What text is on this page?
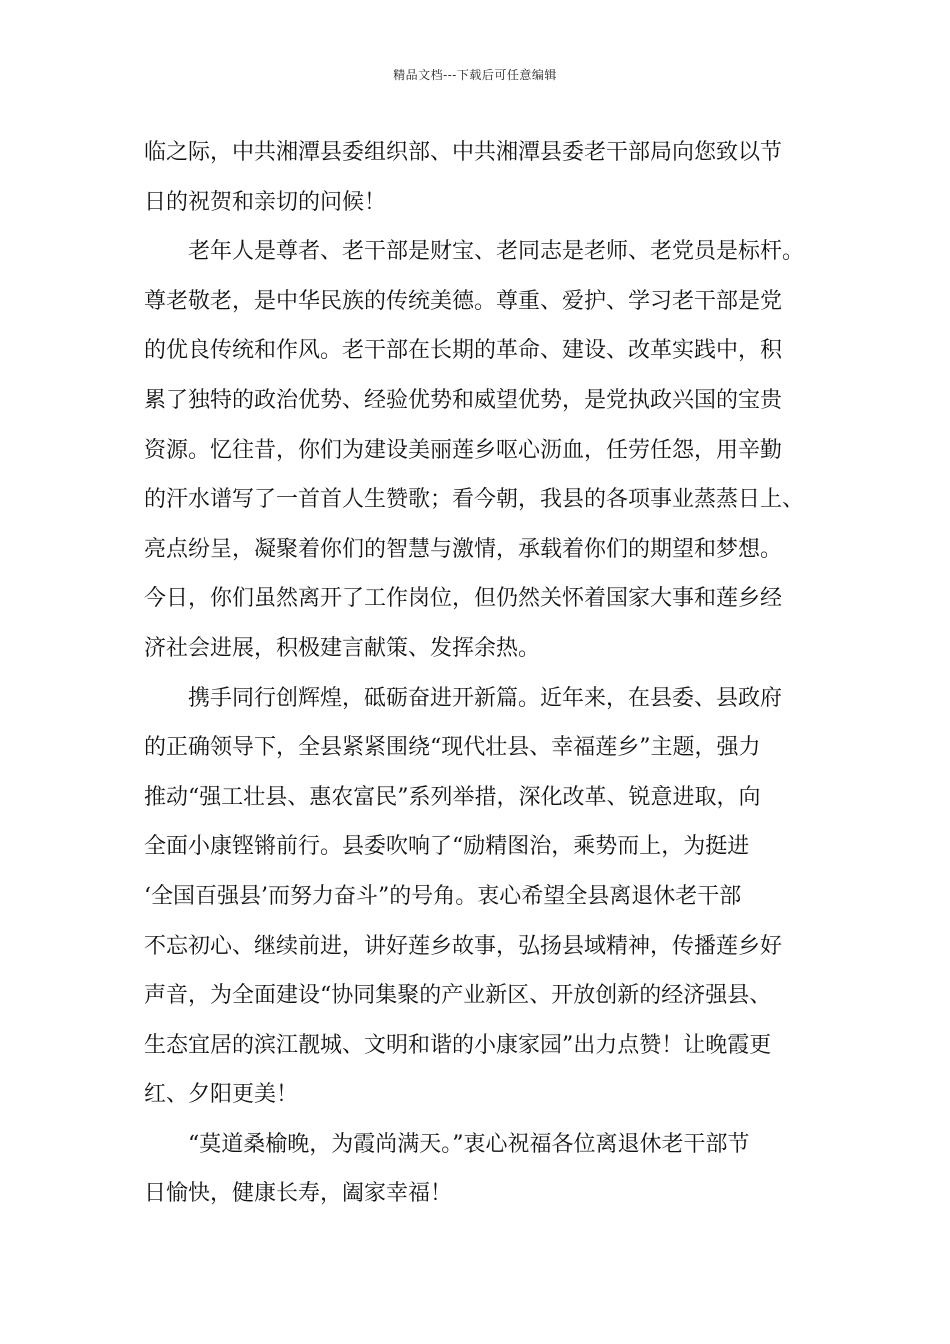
精品文档---下载后可任意编辑
临之际，中共湘潭县委组织部、中共湘潭县委老干部局向您致以节
日的祝贺和亲切的问候！
　　老年人是尊者、老干部是财宝、老同志是老师、老党员是标杆。
尊老敬老，是中华民族的传统美德。尊重、爱护、学习老干部是党
的优良传统和作风。老干部在长期的革命、建设、改革实践中，积
累了独特的政治优势、经验优势和威望优势，是党执政兴国的宝贵
资源。忆往昔，你们为建设美丽莲乡呕心沥血，任劳任怨，用辛勤
的汗水谱写了一首首人生赞歌；看今朝，我县的各项事业蒸蒸日上、
亮点纷呈，凝聚着你们的智慧与激情，承载着你们的期望和梦想。
今日，你们虽然离开了工作岗位，但仍然关怀着国家大事和莲乡经
济社会进展，积极建言献策、发挥余热。
　　携手同行创辉煌，砥砺奋进开新篇。近年来，在县委、县政府
的正确领导下，全县紧紧围绕“现代壮县、幸福莲乡”主题，强力
推动“强工壮县、惠农富民”系列举措，深化改革、锐意进取，向
全面小康铿锵前行。县委吹响了“励精图治，乘势而上，为挺进
‘全国百强县’而努力奋斗”的号角。衷心希望全县离退休老干部
不忘初心、继续前进，讲好莲乡故事，弘扬县域精神，传播莲乡好
声音，为全面建设“协同集聚的产业新区、开放创新的经济强县、
生态宜居的滨江靓城、文明和谐的小康家园”出力点赞！让晚霞更
红、夕阳更美！
　　“莫道桑榆晚，为霞尚满天。”衷心祝福各位离退休老干部节
日愉快，健康长寿，阖家幸福！
